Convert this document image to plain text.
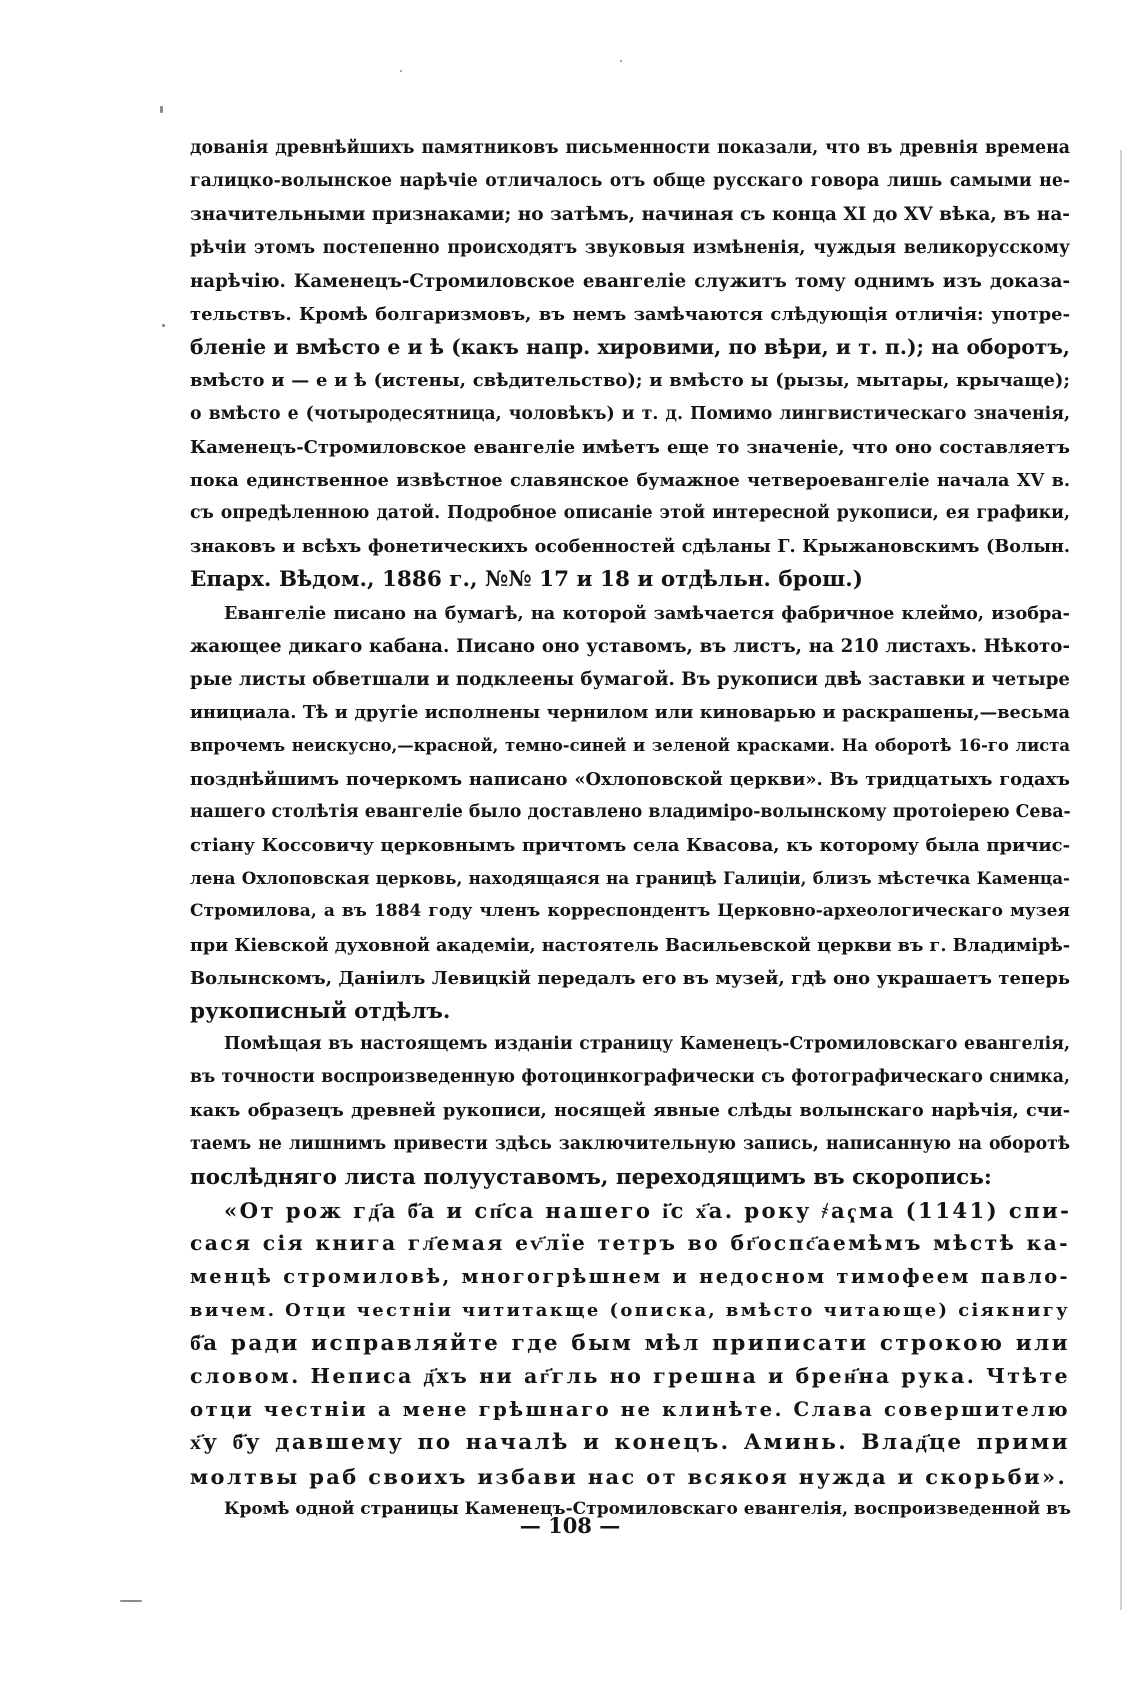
дованія древнѣйшихъ памятниковъ письменности показали, что въ древнія времена
галицко-волынское нарѣчіе отличалось отъ обще русскаго говора лишь самыми не-
значительными признаками; но затѣмъ, начиная съ конца XI до XV вѣка, въ на-
рѣчіи этомъ постепенно происходятъ звуковыя измѣненія, чуждыя великорусскому
нарѣчію. Каменецъ-Стромиловское евангеліе служитъ тому однимъ изъ доказа-
тельствъ. Кромѣ болгаризмовъ, въ немъ замѣчаются слѣдующія отличія: употре-
бленіе и вмѣсто е и ѣ (какъ напр. хировими, по вѣри, и т. п.); на оборотъ,
вмѣсто и — е и ѣ (истены, свѣдительство); и вмѣсто ы (рызы, мытары, крычаще);
о вмѣсто е (чотыродесятница, чоловѣкъ) и т. д. Помимо лингвистическаго значенія,
Каменецъ-Стромиловское евангеліе имѣетъ еще то значеніе, что оно составляетъ
пока единственное извѣстное славянское бумажное четвероевангеліе начала XV в.
съ опредѣленною датой. Подробное описаніе этой интересной рукописи, ея графики,
знаковъ и всѣхъ фонетическихъ особенностей сдѣланы Г. Крыжановскимъ (Волын.
Епарх. Вѣдом., 1886 г., №№ 17 и 18 и отдѣльн. брош.)
Евангеліе писано на бумагѣ, на которой замѣчается фабричное клеймо, изобра-
жающее дикаго кабана. Писано оно уставомъ, въ листъ, на 210 листахъ. Нѣкото-
рые листы обветшали и подклеены бумагой. Въ рукописи двѣ заставки и четыре
инициала. Тѣ и другіе исполнены чернилом или киноварью и раскрашены,—весьма
впрочемъ неискусно,—красной, темно-синей и зеленой красками. На оборотѣ 16-го листа
позднѣйшимъ почеркомъ написано «Охлоповской церкви». Въ тридцатыхъ годахъ
нашего столѣтія евангеліе было доставлено владиміро-волынскому протоіерею Сева-
стіану Коссовичу церковнымъ причтомъ села Квасова, къ которому была причис-
лена Охлоповская церковь, находящаяся на границѣ Галиціи, близъ мѣстечка Каменца-
Стромилова, а въ 1884 году членъ корреспондентъ Церковно-археологическаго музея
при Кіевской духовной академіи, настоятель Васильевской церкви въ г. Владимірѣ-
Волынскомъ, Даніилъ Левицкій передалъ его въ музей, гдѣ оно украшаетъ теперь
рукописный отдѣлъ.
Помѣщая въ настоящемъ изданіи страницу Каменецъ-Стромиловскаго евангелія,
въ точности воспроизведенную фотоцинкографически съ фотографическаго снимка,
какъ образецъ древней рукописи, носящей явные слѣды волынскаго нарѣчія, счи-
таемъ не лишнимъ привести здѣсь заключительную запись, написанную на оборотѣ
послѣдняго листа полууставомъ, переходящимъ въ скоропись:
«От рож гд҃а б҃а и сп҃са нашего і҃с х҃а. року ҂аҁма (1141) спи-
сася сія книга гл҃емая еѵ҃лїе тетръ во бг҃оспс҃аемѣмъ мѣстѣ ка-
менцѣ стромиловѣ, многогрѣшнем и недосном тимофеем павло-
вичем. Отци честніи чититакще (описка, вмѣсто читающе) сіякнигу
б҃а ради исправляйте где бым мѣл приписати строкою или
словом. Неписа д҃хъ ни аг҃гль но грешна и брен҃на рука. Чтѣте
отци честніи а мене грѣшнаго не клинѣте. Слава совершителю
х҃у б҃у давшему по началѣ и конецъ. Аминь. Влад҃це прими
молтвы раб своихъ избави нас от всякоя нужда и скорьби».
Кромѣ одной страницы Каменецъ-Стромиловскаго евангелія, воспроизведенной въ
— 108 —
